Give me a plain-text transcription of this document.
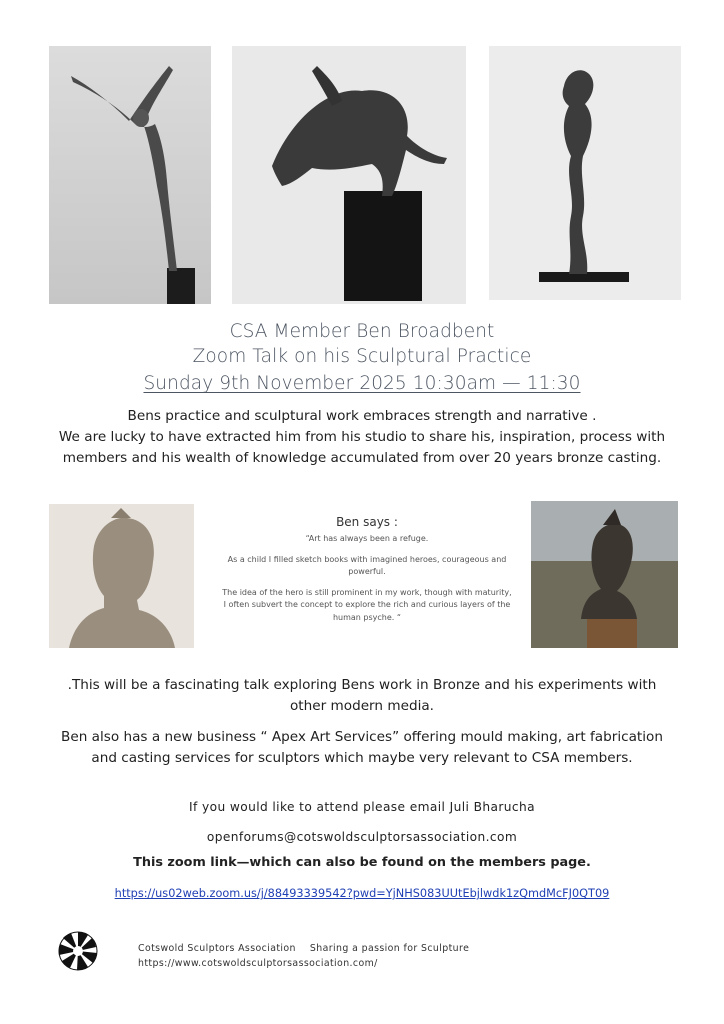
CSA Member Ben Broadbent
Zoom Talk on his Sculptural Practice
Sunday 9th November 2025 10:30am — 11:30
Bens practice and sculptural work embraces strength and narrative .
We are lucky to have extracted him from his studio to share his, inspiration, process with
members and his wealth of knowledge accumulated from over 20 years bronze casting.
Ben says :

“Art has always been a refuge.

As a child I filled sketch books with imagined heroes, courageous and powerful.

The idea of the hero is still prominent in my work, though with maturity, I often subvert the concept to explore the rich and curious layers of the human psyche. “

.This will be a fascinating talk exploring Bens work in Bronze and his experiments with
other modern media.
Ben also has a new business “ Apex Art Services” offering mould making, art fabrication
and casting services for sculptors which maybe very relevant to CSA members.
If you would like to attend please email Juli Bharucha
openforums@cotswoldsculptorsassociation.com
This zoom link—which can also be found on the members page.
https://us02web.zoom.us/j/88493339542?pwd=YjNHS083UUtEbjlwdk1zQmdMcFJ0QT09
Cotswold Sculptors Association Sharing a passion for Sculpture
https://www.cotswoldsculptorsassociation.com/
